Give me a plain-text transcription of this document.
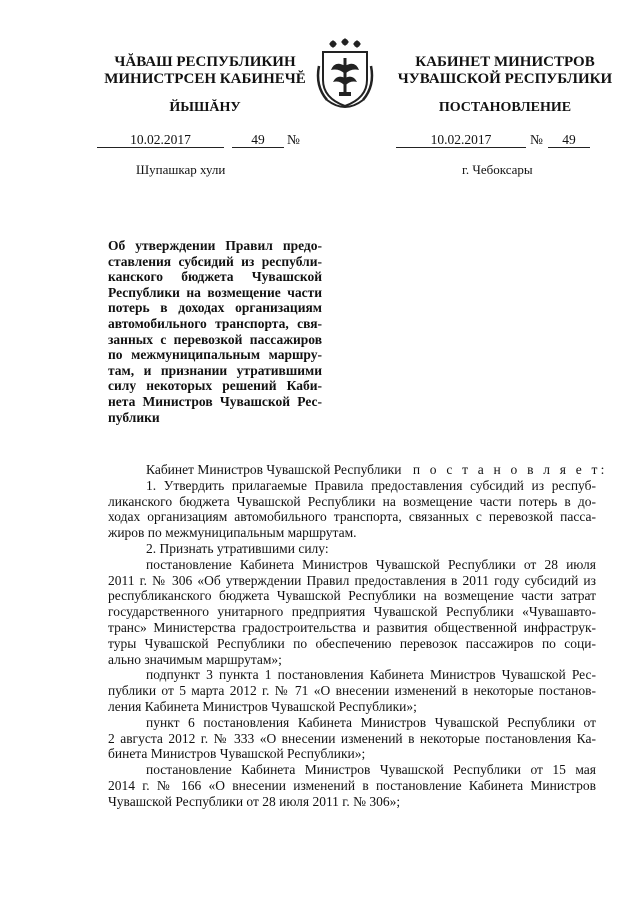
ЧĂВАШ РЕСПУБЛИКИН
МИНИСТРСЕН КАБИНЕЧĔ
ЙЫШĂНУ
КАБИНЕТ МИНИСТРОВ
ЧУВАШСКОЙ РЕСПУБЛИКИ
ПОСТАНОВЛЕНИЕ
10.02.2017	49	№	10.02.2017	№	49
Шупашкар хули	г. Чебоксары
Об утверждении Правил предо-
ставления субсидий из республи-
канского бюджета Чувашской
Республики на возмещение части
потерь в доходах организациям
автомобильного транспорта, свя-
занных с перевозкой пассажиров
по межмуниципальным маршру-
там, и признании утратившими
силу некоторых решений Каби-
нета Министров Чувашской Рес-
публики
Кабинет Министров Чувашской Республики п о с т а н о в л я е т:
1. Утвердить прилагаемые Правила предоставления субсидий из респуб-
ликанского бюджета Чувашской Республики на возмещение части потерь в до-
ходах организациям автомобильного транспорта, связанных с перевозкой пасса-
жиров по межмуниципальным маршрутам.
2. Признать утратившими силу:
постановление Кабинета Министров Чувашской Республики от 28 июля
2011 г. № 306 «Об утверждении Правил предоставления в 2011 году субсидий из
республиканского бюджета Чувашской Республики на возмещение части затрат
государственного унитарного предприятия Чувашской Республики «Чувашавто-
транс» Министерства градостроительства и развития общественной инфраструк-
туры Чувашской Республики по обеспечению перевозок пассажиров по соци-
ально значимым маршрутам»;
подпункт 3 пункта 1 постановления Кабинета Министров Чувашской Рес-
публики от 5 марта 2012 г. № 71 «О внесении изменений в некоторые постанов-
ления Кабинета Министров Чувашской Республики»;
пункт 6 постановления Кабинета Министров Чувашской Республики от
2 августа 2012 г. № 333 «О внесении изменений в некоторые постановления Ка-
бинета Министров Чувашской Республики»;
постановление Кабинета Министров Чувашской Республики от 15 мая
2014 г. № 166 «О внесении изменений в постановление Кабинета Министров
Чувашской Республики от 28 июля 2011 г. № 306»;
